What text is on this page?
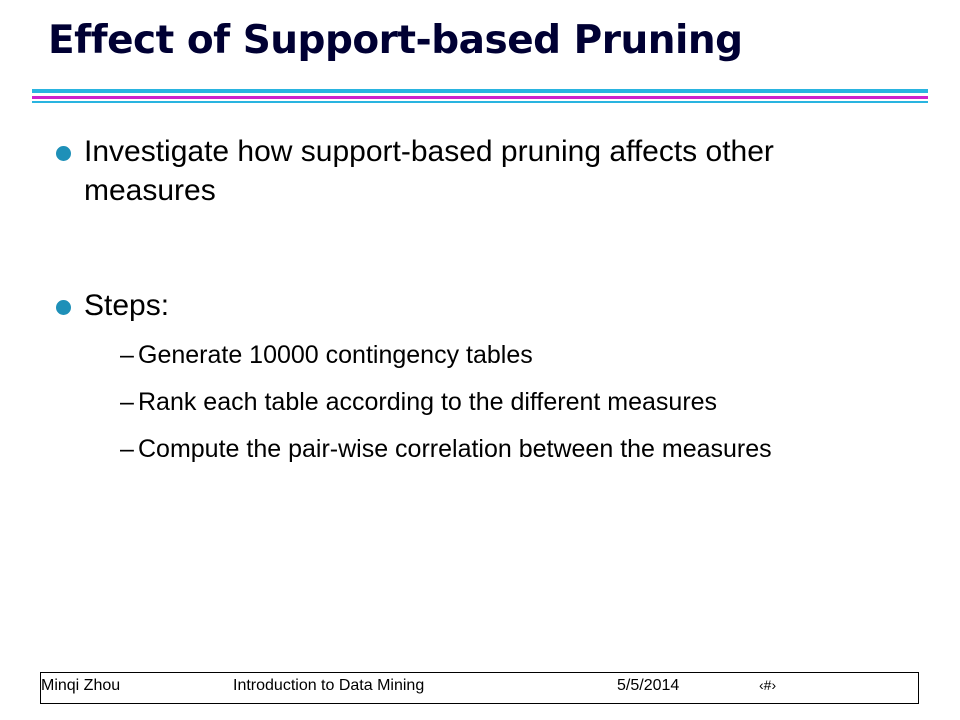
Effect of Support-based Pruning
Investigate how support-based pruning affects other measures
Steps:
– Generate 10000 contingency tables
– Rank each table according to the different measures
– Compute the pair-wise correlation between the measures
Minqi Zhou	Introduction to Data Mining	5/5/2014	‹#›
